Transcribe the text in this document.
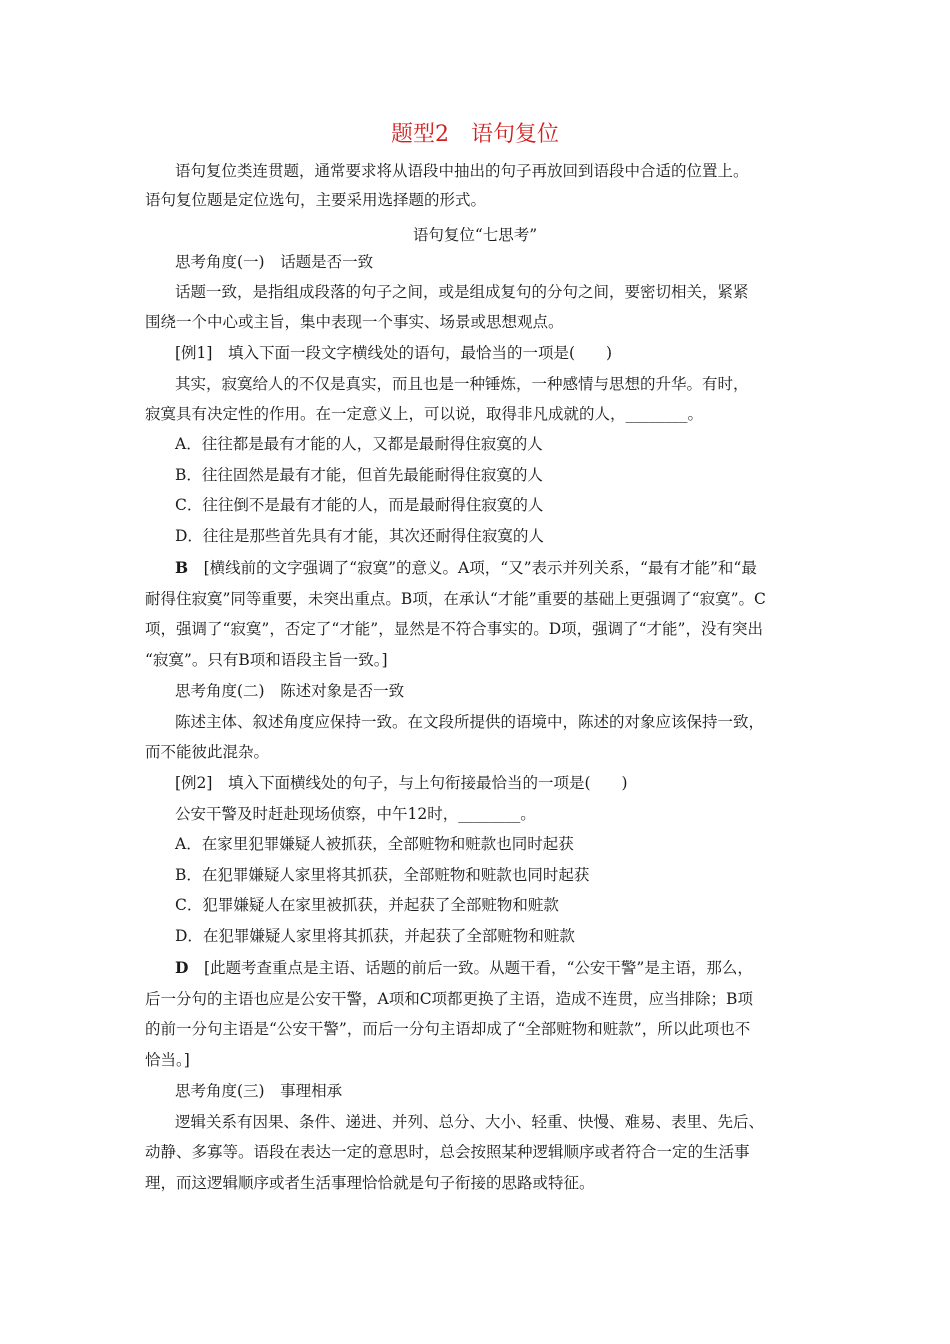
题型2　语句复位
语句复位类连贯题，通常要求将从语段中抽出的句子再放回到语段中合适的位置上。
语句复位题是定位选句，主要采用选择题的形式。
语句复位“七思考”
思考角度(一)　话题是否一致
话题一致，是指组成段落的句子之间，或是组成复句的分句之间，要密切相关，紧紧
围绕一个中心或主旨，集中表现一个事实、场景或思想观点。
[例1]　填入下面一段文字横线处的语句，最恰当的一项是(　　)
其实，寂寞给人的不仅是真实，而且也是一种锤炼，一种感情与思想的升华。有时，
寂寞具有决定性的作用。在一定意义上，可以说，取得非凡成就的人，________。
A．往往都是最有才能的人，又都是最耐得住寂寞的人
B．往往固然是最有才能，但首先最能耐得住寂寞的人
C．往往倒不是最有才能的人，而是最耐得住寂寞的人
D．往往是那些首先具有才能，其次还耐得住寂寞的人
B　[横线前的文字强调了“寂寞”的意义。A项，“又”表示并列关系，“最有才能”和“最
耐得住寂寞”同等重要，未突出重点。B项，在承认“才能”重要的基础上更强调了“寂寞”。C
项，强调了“寂寞”，否定了“才能”，显然是不符合事实的。D项，强调了“才能”，没有突出
“寂寞”。只有B项和语段主旨一致。]
思考角度(二)　陈述对象是否一致
陈述主体、叙述角度应保持一致。在文段所提供的语境中，陈述的对象应该保持一致，
而不能彼此混杂。
[例2]　填入下面横线处的句子，与上句衔接最恰当的一项是(　　)
公安干警及时赶赴现场侦察，中午12时，________。
A．在家里犯罪嫌疑人被抓获，全部赃物和赃款也同时起获
B．在犯罪嫌疑人家里将其抓获，全部赃物和赃款也同时起获
C．犯罪嫌疑人在家里被抓获，并起获了全部赃物和赃款
D．在犯罪嫌疑人家里将其抓获，并起获了全部赃物和赃款
D　[此题考查重点是主语、话题的前后一致。从题干看，“公安干警”是主语，那么，
后一分句的主语也应是公安干警，A项和C项都更换了主语，造成不连贯，应当排除；B项
的前一分句主语是“公安干警”，而后一分句主语却成了“全部赃物和赃款”，所以此项也不
恰当。]
思考角度(三)　事理相承
逻辑关系有因果、条件、递进、并列、总分、大小、轻重、快慢、难易、表里、先后、
动静、多寡等。语段在表达一定的意思时，总会按照某种逻辑顺序或者符合一定的生活事
理，而这逻辑顺序或者生活事理恰恰就是句子衔接的思路或特征。
